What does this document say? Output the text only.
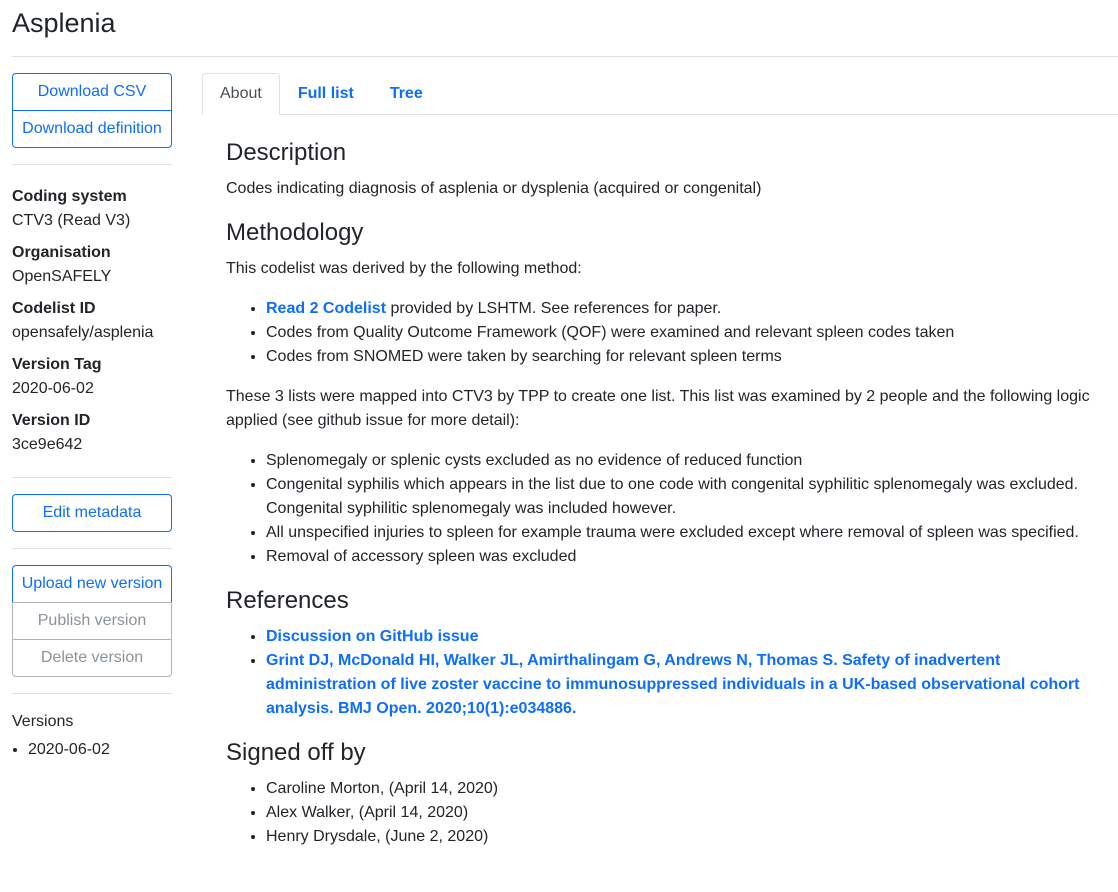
Asplenia
Download CSV
Download definition
Coding system
CTV3 (Read V3)
Organisation
OpenSAFELY
Codelist ID
opensafely/asplenia
Version Tag
2020-06-02
Version ID
3ce9e642
Edit metadata
Upload new version
Publish version
Delete version
Versions
• 2020-06-02
About	Full list	Tree
Description

Codes indicating diagnosis of asplenia or dysplenia (acquired or congenital)

Methodology

This codelist was derived by the following method:

• Read 2 Codelist provided by LSHTM. See references for paper.
• Codes from Quality Outcome Framework (QOF) were examined and relevant spleen codes taken
• Codes from SNOMED were taken by searching for relevant spleen terms

These 3 lists were mapped into CTV3 by TPP to create one list. This list was examined by 2 people and the following logic applied (see github issue for more detail):

• Splenomegaly or splenic cysts excluded as no evidence of reduced function
• Congenital syphilis which appears in the list due to one code with congenital syphilitic splenomegaly was excluded. Congenital syphilitic splenomegaly was included however.
• All unspecified injuries to spleen for example trauma were excluded except where removal of spleen was specified.
• Removal of accessory spleen was excluded
References
• Discussion on GitHub issue
• Grint DJ, McDonald HI, Walker JL, Amirthalingam G, Andrews N, Thomas S. Safety of inadvertent administration of live zoster vaccine to immunosuppressed individuals in a UK-based observational cohort analysis. BMJ Open. 2020;10(1):e034886.
Signed off by
• Caroline Morton, (April 14, 2020)
• Alex Walker, (April 14, 2020)
• Henry Drysdale, (June 2, 2020)
